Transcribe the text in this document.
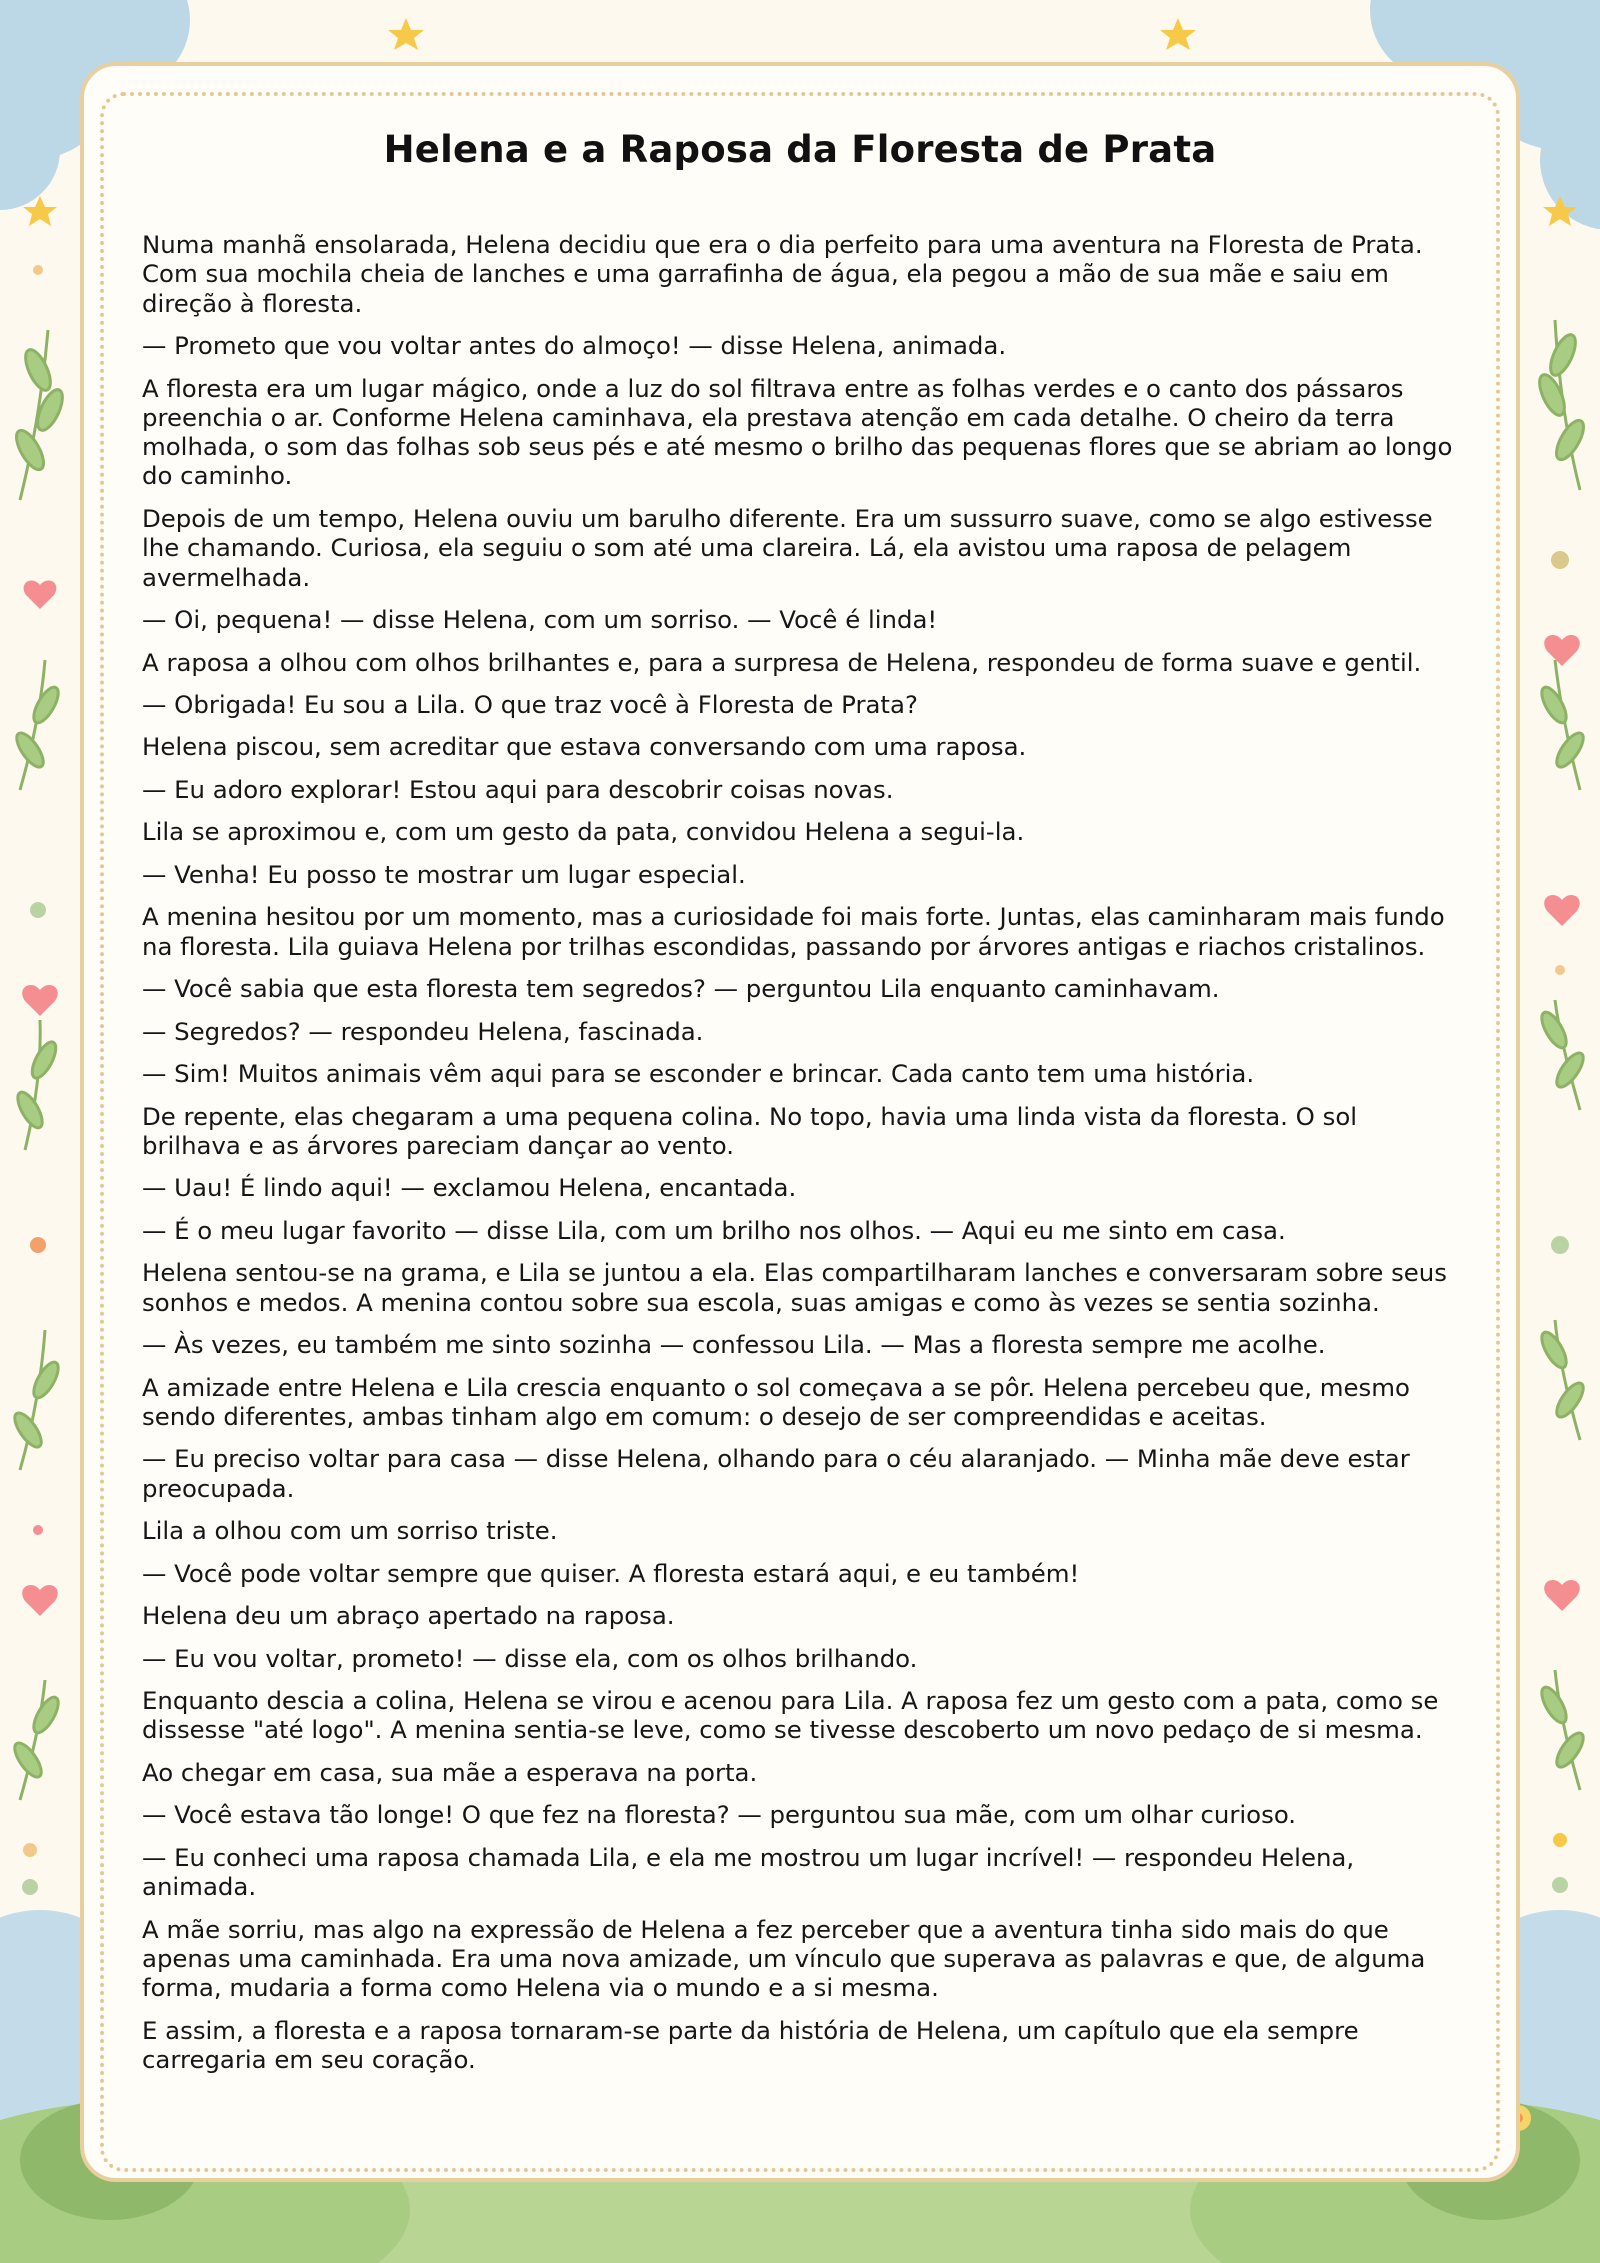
Helena e a Raposa da Floresta de Prata

Numa manhã ensolarada, Helena decidiu que era o dia perfeito para uma aventura na Floresta de Prata. Com sua mochila cheia de lanches e uma garrafinha de água, ela pegou a mão de sua mãe e saiu em direção à floresta.

— Prometo que vou voltar antes do almoço! — disse Helena, animada.

A floresta era um lugar mágico, onde a luz do sol filtrava entre as folhas verdes e o canto dos pássaros preenchia o ar. Conforme Helena caminhava, ela prestava atenção em cada detalhe. O cheiro da terra molhada, o som das folhas sob seus pés e até mesmo o brilho das pequenas flores que se abriam ao longo do caminho.

Depois de um tempo, Helena ouviu um barulho diferente. Era um sussurro suave, como se algo estivesse lhe chamando. Curiosa, ela seguiu o som até uma clareira. Lá, ela avistou uma raposa de pelagem avermelhada.

— Oi, pequena! — disse Helena, com um sorriso. — Você é linda!

A raposa a olhou com olhos brilhantes e, para a surpresa de Helena, respondeu de forma suave e gentil.

— Obrigada! Eu sou a Lila. O que traz você à Floresta de Prata?

Helena piscou, sem acreditar que estava conversando com uma raposa.

— Eu adoro explorar! Estou aqui para descobrir coisas novas.

Lila se aproximou e, com um gesto da pata, convidou Helena a segui-la.

— Venha! Eu posso te mostrar um lugar especial.

A menina hesitou por um momento, mas a curiosidade foi mais forte. Juntas, elas caminharam mais fundo na floresta. Lila guiava Helena por trilhas escondidas, passando por árvores antigas e riachos cristalinos.

— Você sabia que esta floresta tem segredos? — perguntou Lila enquanto caminhavam.

— Segredos? — respondeu Helena, fascinada.

— Sim! Muitos animais vêm aqui para se esconder e brincar. Cada canto tem uma história.

De repente, elas chegaram a uma pequena colina. No topo, havia uma linda vista da floresta. O sol brilhava e as árvores pareciam dançar ao vento.

— Uau! É lindo aqui! — exclamou Helena, encantada.

— É o meu lugar favorito — disse Lila, com um brilho nos olhos. — Aqui eu me sinto em casa.

Helena sentou-se na grama, e Lila se juntou a ela. Elas compartilharam lanches e conversaram sobre seus sonhos e medos. A menina contou sobre sua escola, suas amigas e como às vezes se sentia sozinha.

— Às vezes, eu também me sinto sozinha — confessou Lila. — Mas a floresta sempre me acolhe.

A amizade entre Helena e Lila crescia enquanto o sol começava a se pôr. Helena percebeu que, mesmo sendo diferentes, ambas tinham algo em comum: o desejo de ser compreendidas e aceitas.

— Eu preciso voltar para casa — disse Helena, olhando para o céu alaranjado. — Minha mãe deve estar preocupada.

Lila a olhou com um sorriso triste.

— Você pode voltar sempre que quiser. A floresta estará aqui, e eu também!

Helena deu um abraço apertado na raposa.

— Eu vou voltar, prometo! — disse ela, com os olhos brilhando.

Enquanto descia a colina, Helena se virou e acenou para Lila. A raposa fez um gesto com a pata, como se dissesse "até logo". A menina sentia-se leve, como se tivesse descoberto um novo pedaço de si mesma.

Ao chegar em casa, sua mãe a esperava na porta.

— Você estava tão longe! O que fez na floresta? — perguntou sua mãe, com um olhar curioso.

— Eu conheci uma raposa chamada Lila, e ela me mostrou um lugar incrível! — respondeu Helena, animada.

A mãe sorriu, mas algo na expressão de Helena a fez perceber que a aventura tinha sido mais do que apenas uma caminhada. Era uma nova amizade, um vínculo que superava as palavras e que, de alguma forma, mudaria a forma como Helena via o mundo e a si mesma.

E assim, a floresta e a raposa tornaram-se parte da história de Helena, um capítulo que ela sempre carregaria em seu coração.
